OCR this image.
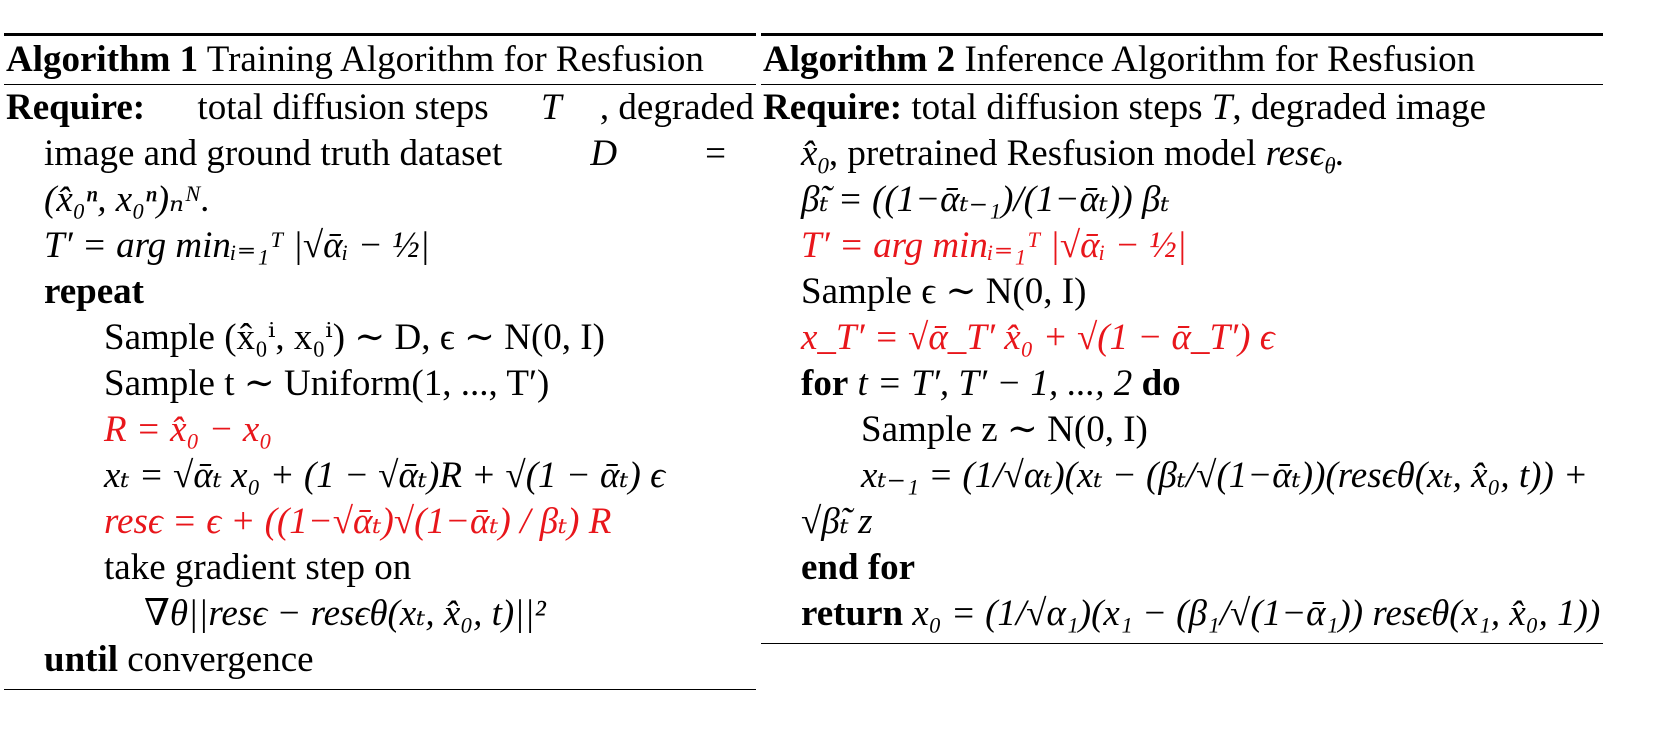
Algorithm 1 Training Algorithm for Resfusion
Require: total diffusion steps T , degraded
image and ground truth dataset D =
(x̂₀ⁿ, x₀ⁿ)ₙᴺ.
T′ = arg minᵢ₌₁ᵀ |√ᾱᵢ − ½|
repeat
Sample (x̂₀ⁱ, x₀ⁱ) ∼ D, ϵ ∼ N(0, I)
Sample t ∼ Uniform(1, ..., T′)
R = x̂₀ − x₀
xₜ = √ᾱₜ x₀ + (1 − √ᾱₜ)R + √(1 − ᾱₜ) ϵ
resϵ = ϵ + ((1−√ᾱₜ)√(1−ᾱₜ) / βₜ) R
take gradient step on
∇θ||resϵ − resϵθ(xₜ, x̂₀, t)||²
until convergence
Algorithm 2 Inference Algorithm for Resfusion
Require: total diffusion steps T, degraded image
$x̂_0$, pretrained Resfusion model resϵ$_\theta$.
β̃ₜ = ((1−ᾱₜ₋₁)/(1−ᾱₜ)) βₜ
T′ = arg minᵢ₌₁ᵀ |√ᾱᵢ − ½|
Sample ϵ ∼ N(0, I)
x_T′ = √ᾱ_T′ x̂₀ + √(1 − ᾱ_T′) ϵ
for t = T′, T′ − 1, ..., 2 do
Sample z ∼ N(0, I)
xₜ₋₁ = (1/√αₜ)(xₜ − (βₜ/√(1−ᾱₜ))(resϵθ(xₜ, x̂₀, t)) +
√β̃ₜ z
end for
return x₀ = (1/√α₁)(x₁ − (β₁/√(1−ᾱ₁)) resϵθ(x₁, x̂₀, 1))
